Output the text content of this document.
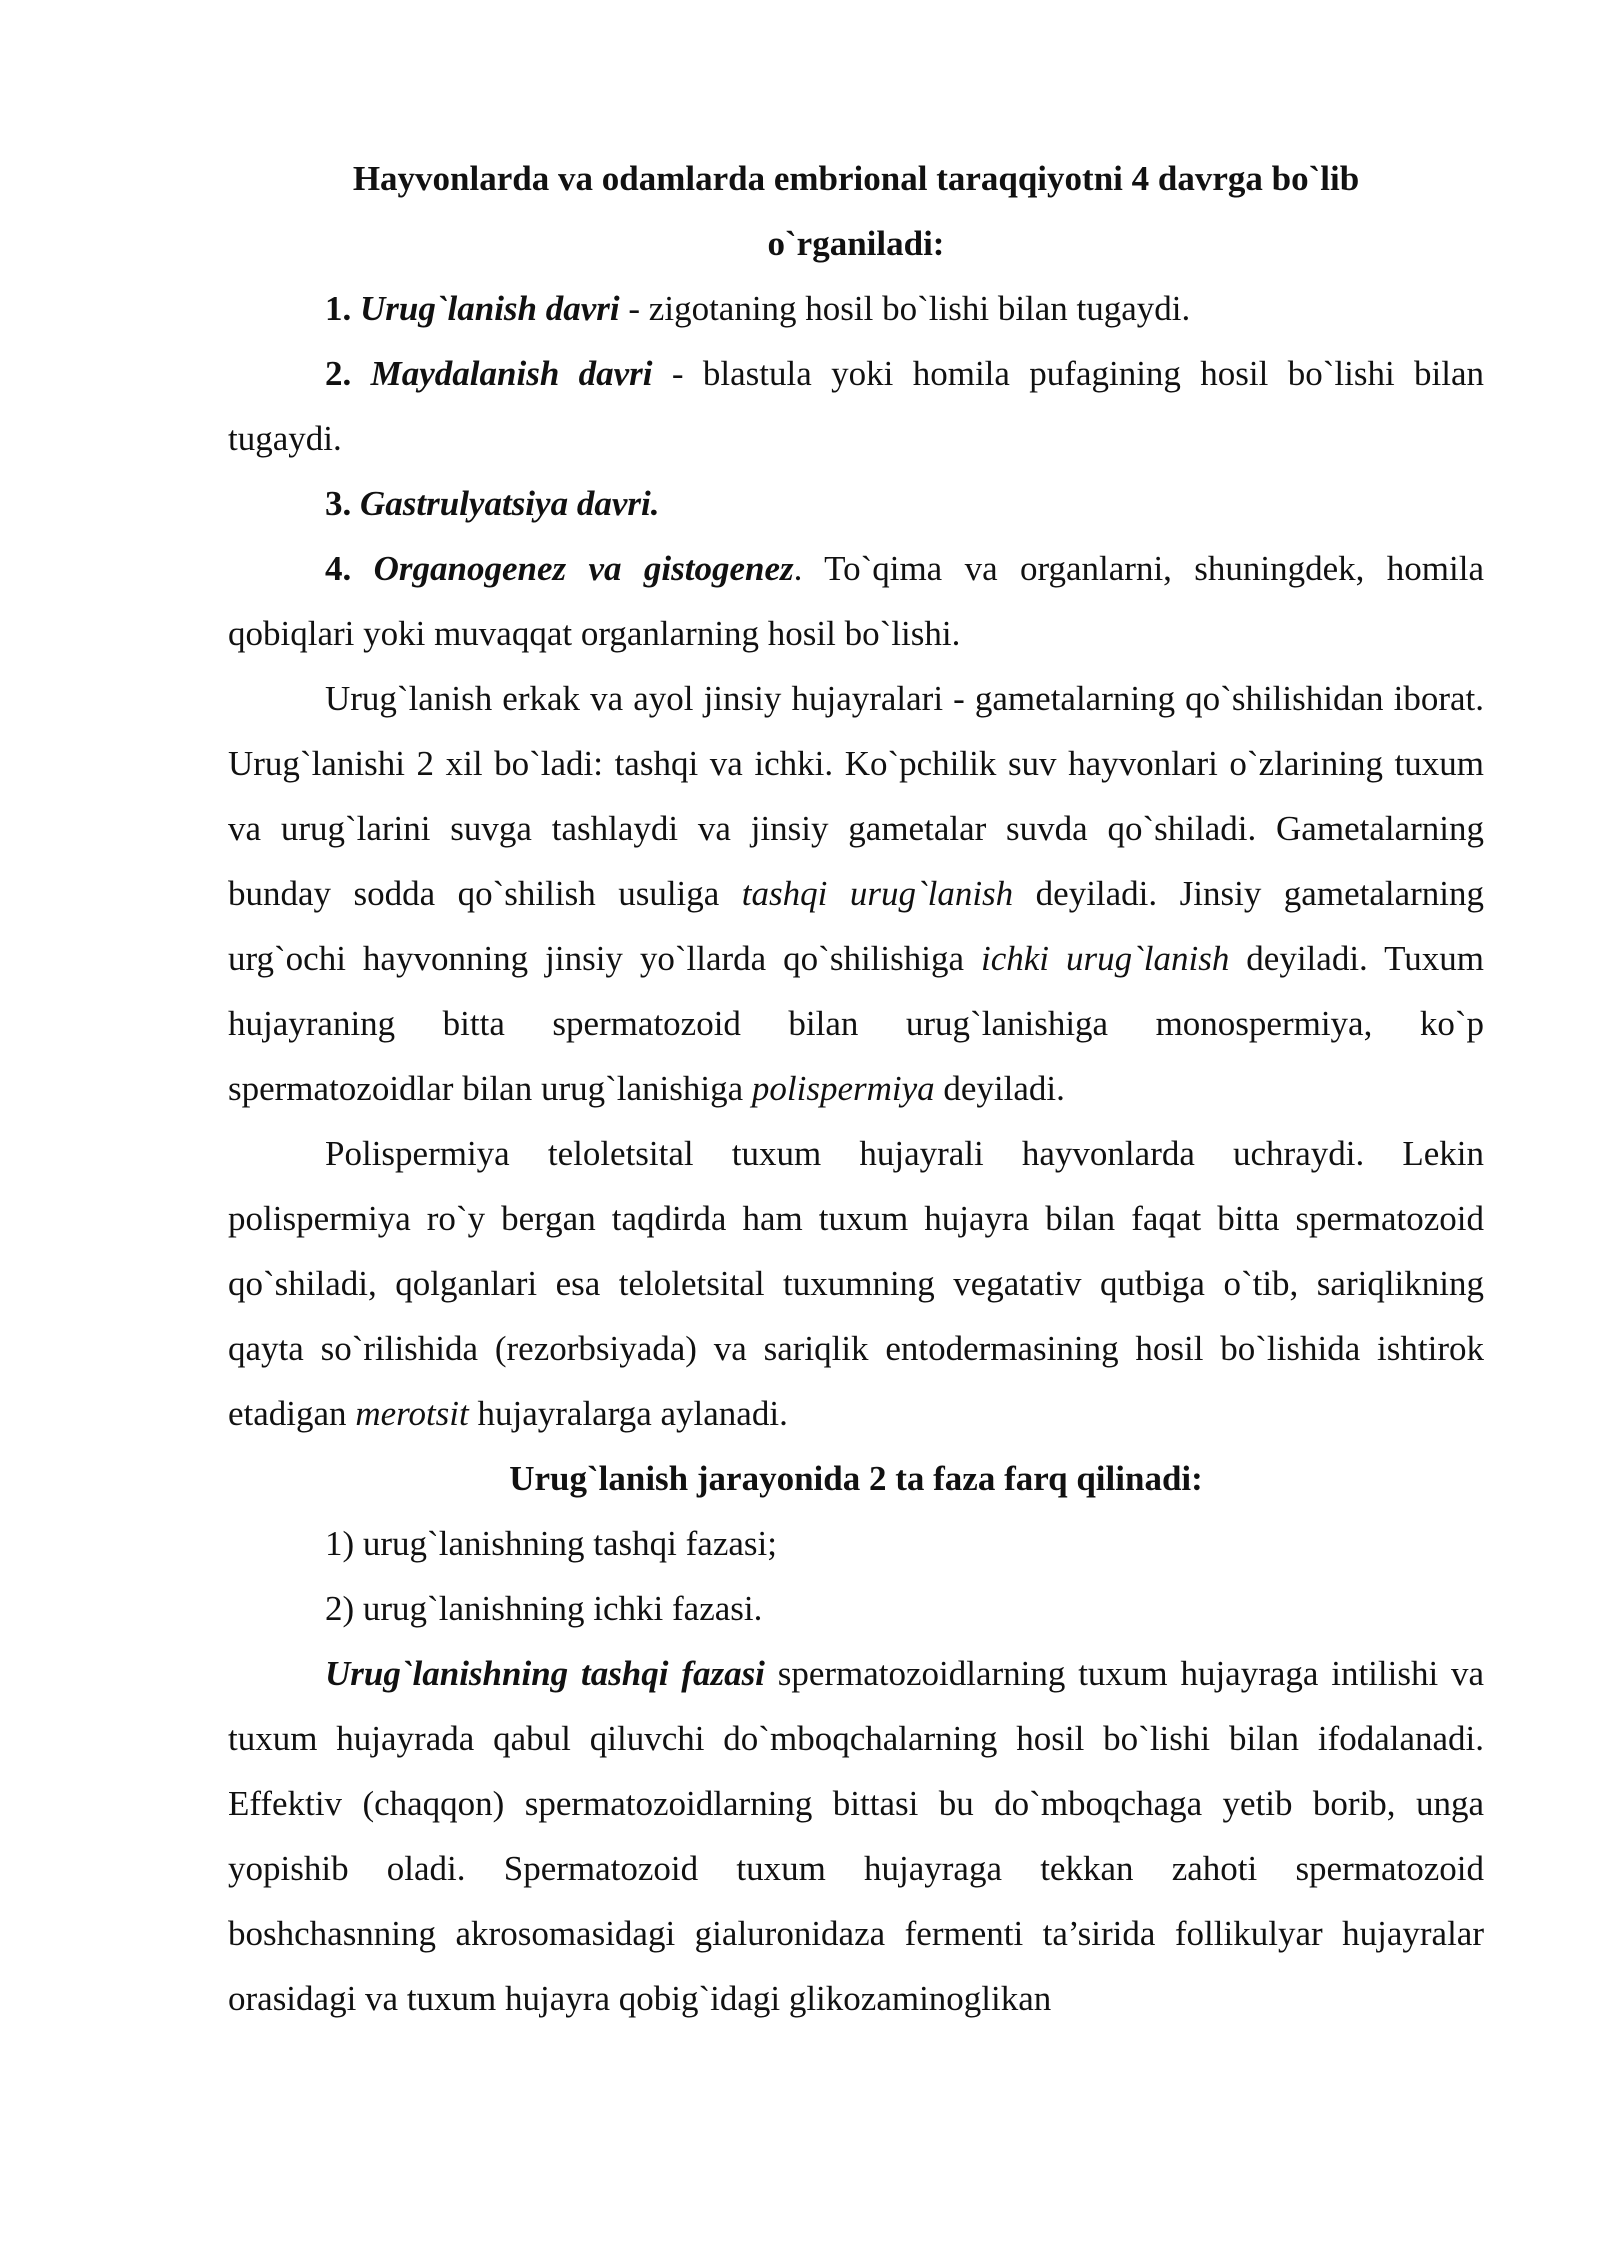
Hayvonlarda va odamlarda embrional taraqqiyotni 4 davrga bo`lib

o`rganiladi:

1. Urug`lanish davri - zigotaning hosil bo`lishi bilan tugaydi.

2. Maydalanish davri - blastula yoki homila pufagining hosil bo`lishi bilan tugaydi.

3. Gastrulyatsiya davri.

4. Organogenez va gistogenez. To`qima va organlarni, shuningdek, homila qobiqlari yoki muvaqqat organlarning hosil bo`lishi.

Urug`lanish erkak va ayol jinsiy hujayralari - gametalarning qo`shilishidan iborat. Urug`lanishi 2 xil bo`ladi: tashqi va ichki. Ko`pchilik suv hayvonlari o`zlarining tuxum va urug`larini suvga tashlaydi va jinsiy gametalar suvda qo`shiladi. Gametalarning bunday sodda qo`shilish usuliga tashqi urug`lanish deyiladi. Jinsiy gametalarning urg`ochi hayvonning jinsiy yo`llarda qo`shilishiga ichki urug`lanish deyiladi. Tuxum hujayraning bitta spermatozoid bilan urug`lanishiga monospermiya, ko`p spermatozoidlar bilan urug`lanishiga polispermiya deyiladi.

Polispermiya teloletsital tuxum hujayrali hayvonlarda uchraydi. Lekin polispermiya ro`y bergan taqdirda ham tuxum hujayra bilan faqat bitta spermatozoid qo`shiladi, qolganlari esa teloletsital tuxumning vegatativ qutbiga o`tib, sariqlikning qayta so`rilishida (rezorbsiyada) va sariqlik entodermasining hosil bo`lishida ishtirok etadigan merotsit hujayralarga aylanadi.

Urug`lanish jarayonida 2 ta faza farq qilinadi:

1) urug`lanishning tashqi fazasi;

2) urug`lanishning ichki fazasi.

Urug`lanishning tashqi fazasi spermatozoidlarning tuxum hujayraga intilishi va tuxum hujayrada qabul qiluvchi do`mboqchalarning hosil bo`lishi bilan ifodalanadi. Effektiv (chaqqon) spermatozoidlarning bittasi bu do`mboqchaga yetib borib, unga yopishib oladi. Spermatozoid tuxum hujayraga tekkan zahoti spermatozoid boshchasnning akrosomasidagi gialuronidaza fermenti ta’sirida follikulyar hujayralar orasidagi va tuxum hujayra qobig`idagi glikozaminoglikan
